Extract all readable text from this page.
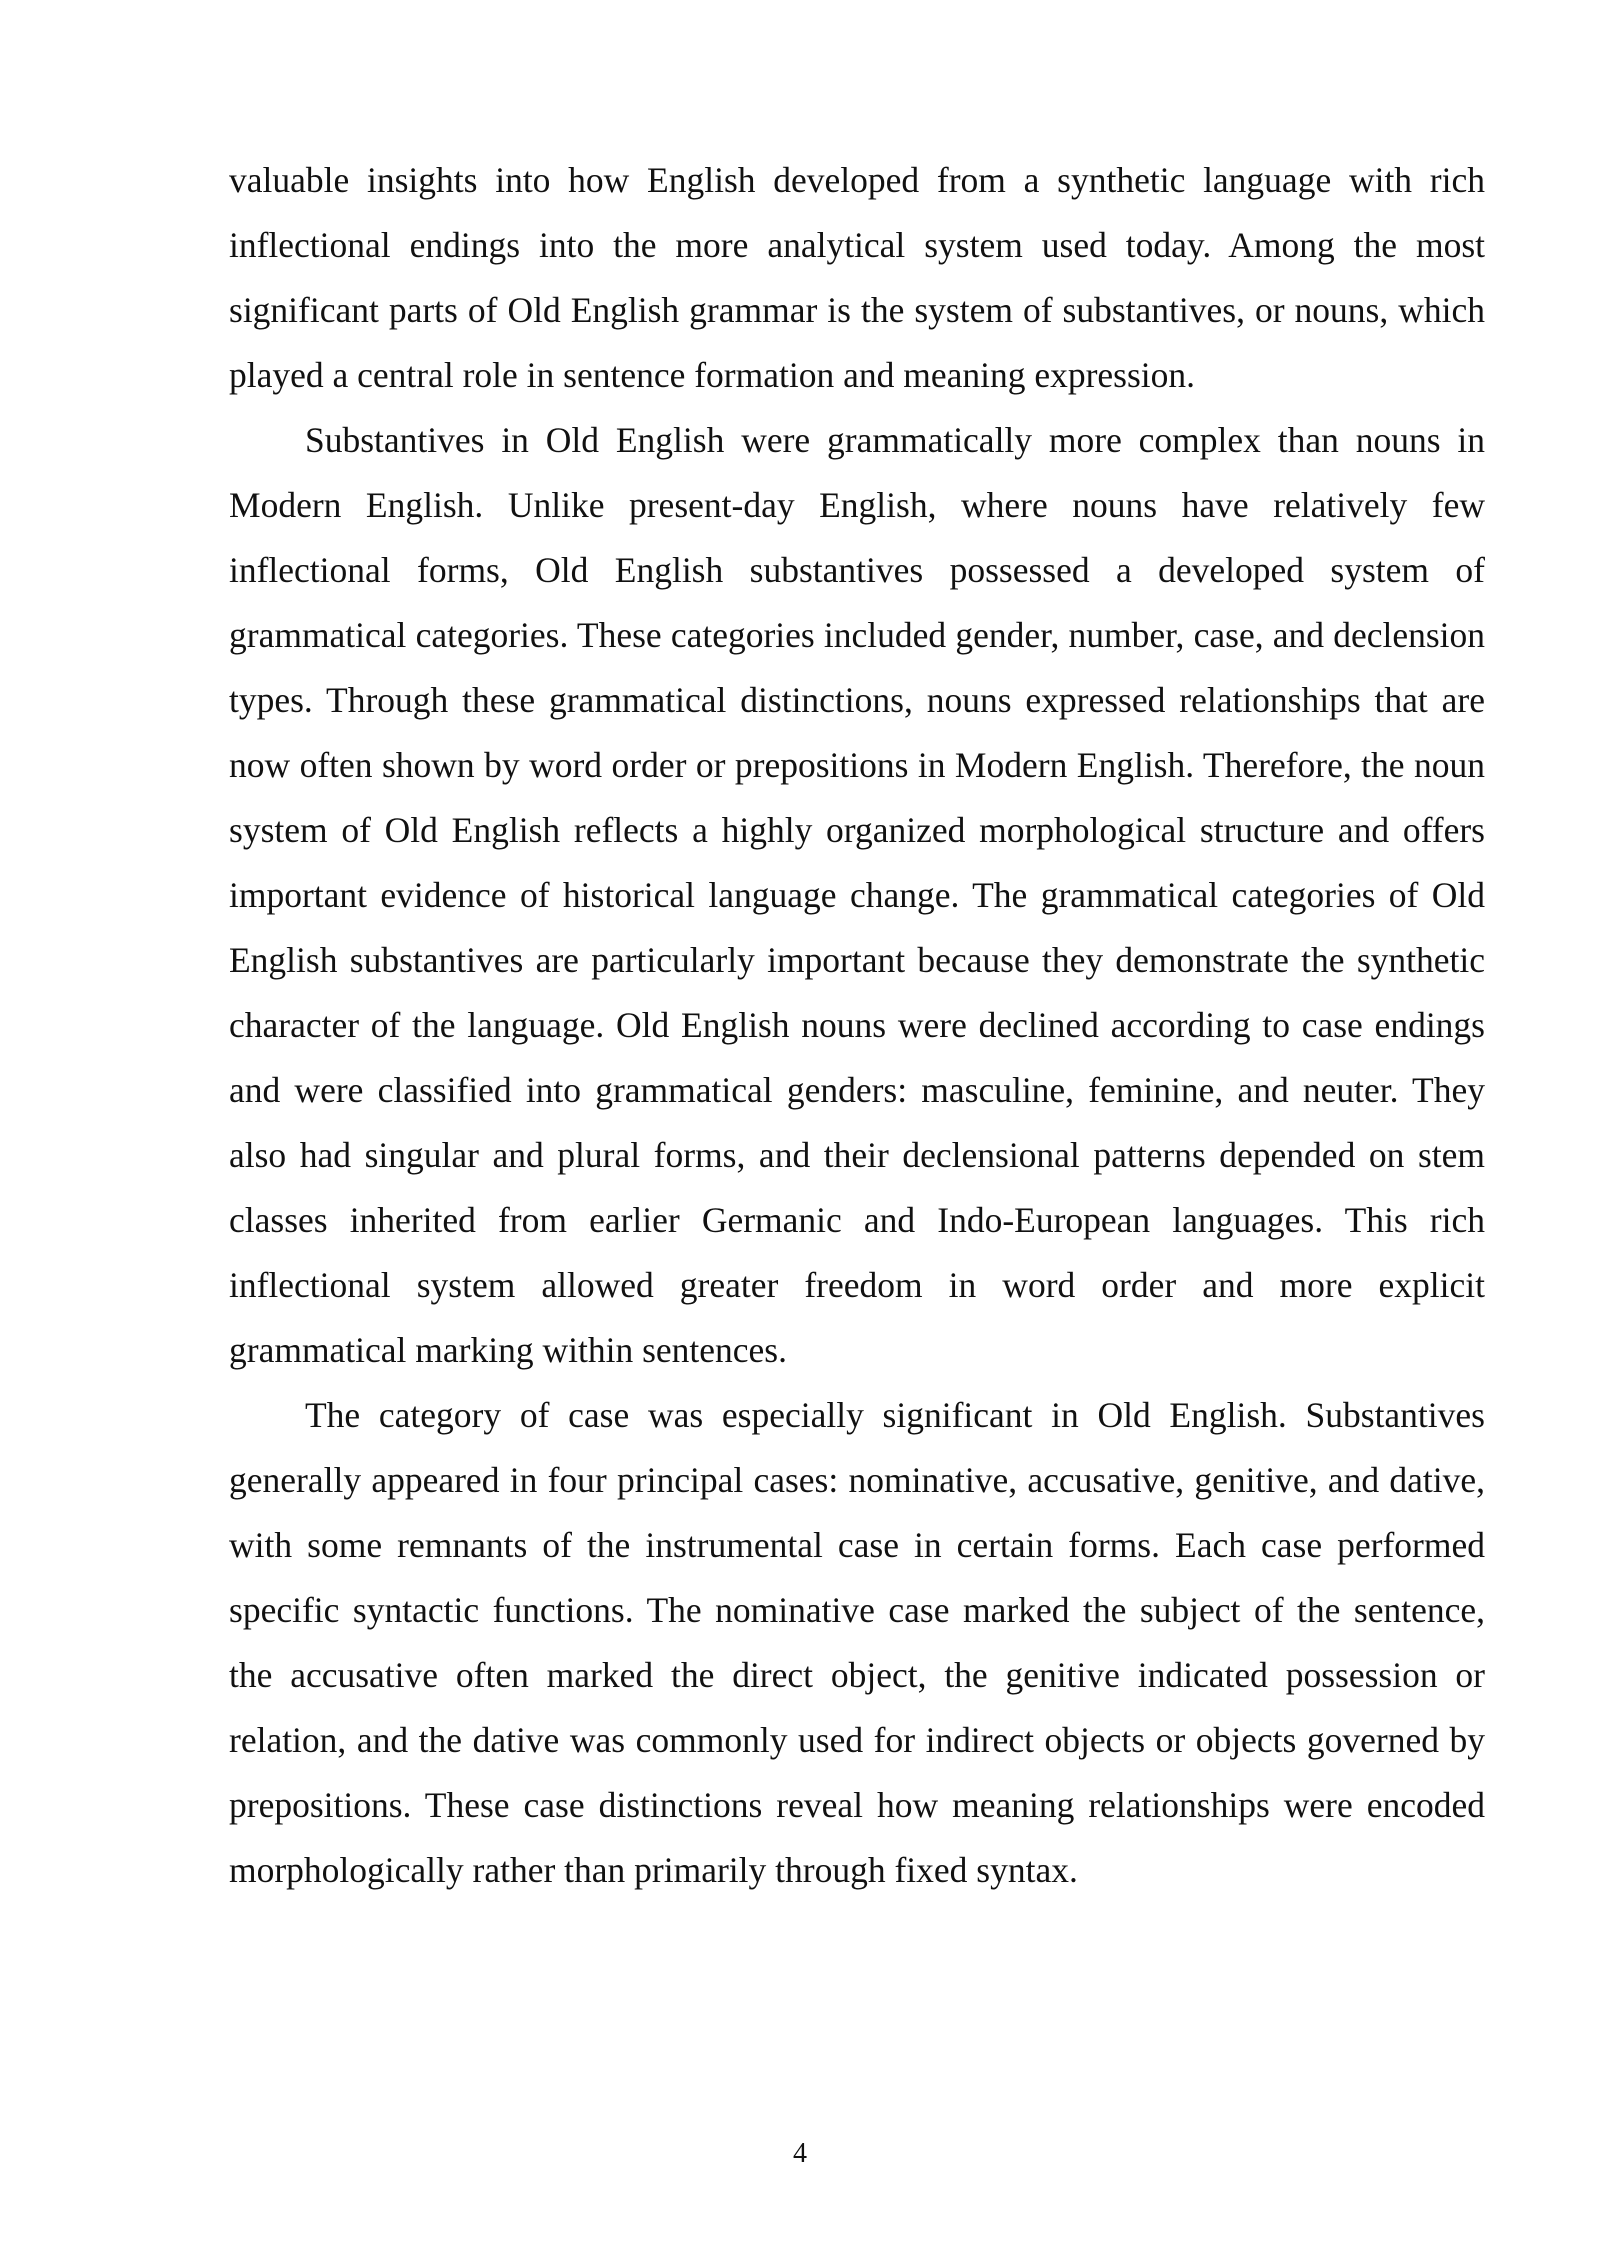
valuable insights into how English developed from a synthetic language with rich inflectional endings into the more analytical system used today. Among the most significant parts of Old English grammar is the system of substantives, or nouns, which played a central role in sentence formation and meaning expression.

Substantives in Old English were grammatically more complex than nouns in Modern English. Unlike present-day English, where nouns have relatively few inflectional forms, Old English substantives possessed a developed system of grammatical categories. These categories included gender, number, case, and declension types. Through these grammatical distinctions, nouns expressed relationships that are now often shown by word order or prepositions in Modern English. Therefore, the noun system of Old English reflects a highly organized morphological structure and offers important evidence of historical language change. The grammatical categories of Old English substantives are particularly important because they demonstrate the synthetic character of the language. Old English nouns were declined according to case endings and were classified into grammatical genders: masculine, feminine, and neuter. They also had singular and plural forms, and their declensional patterns depended on stem classes inherited from earlier Germanic and Indo-European languages. This rich inflectional system allowed greater freedom in word order and more explicit grammatical marking within sentences.

The category of case was especially significant in Old English. Substantives generally appeared in four principal cases: nominative, accusative, genitive, and dative, with some remnants of the instrumental case in certain forms. Each case performed specific syntactic functions. The nominative case marked the subject of the sentence, the accusative often marked the direct object, the genitive indicated possession or relation, and the dative was commonly used for indirect objects or objects governed by prepositions. These case distinctions reveal how meaning relationships were encoded morphologically rather than primarily through fixed syntax.

4
